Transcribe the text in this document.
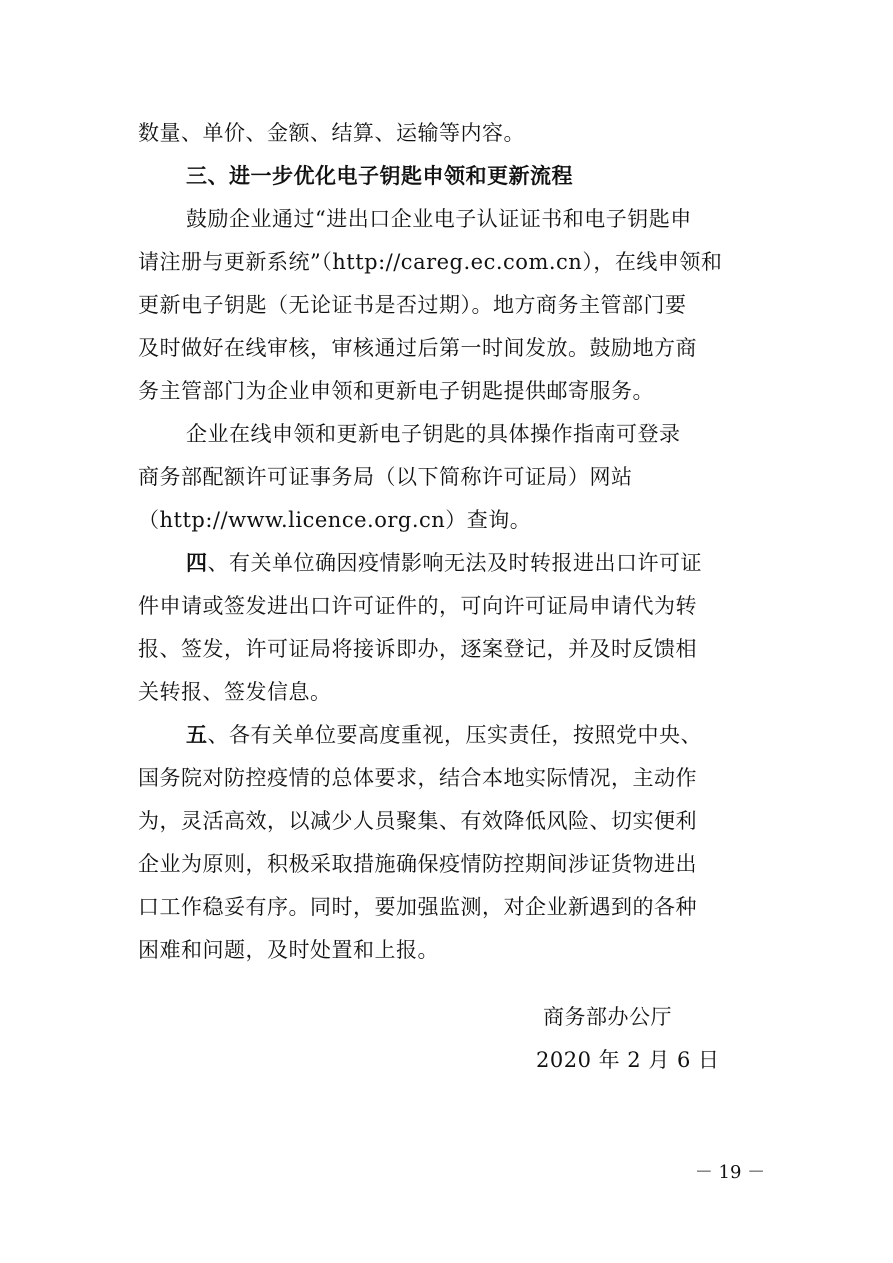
数量、单价、金额、结算、运输等内容。
三、进一步优化电子钥匙申领和更新流程
鼓励企业通过“进出口企业电子认证证书和电子钥匙申
请注册与更新系统”（http://careg.ec.com.cn），在线申领和
更新电子钥匙（无论证书是否过期）。地方商务主管部门要
及时做好在线审核，审核通过后第一时间发放。鼓励地方商
务主管部门为企业申领和更新电子钥匙提供邮寄服务。
企业在线申领和更新电子钥匙的具体操作指南可登录
商务部配额许可证事务局（以下简称许可证局）网站
（http://www.licence.org.cn）查询。
四、有关单位确因疫情影响无法及时转报进出口许可证
件申请或签发进出口许可证件的，可向许可证局申请代为转
报、签发，许可证局将接诉即办，逐案登记，并及时反馈相
关转报、签发信息。
五、各有关单位要高度重视，压实责任，按照党中央、
国务院对防控疫情的总体要求，结合本地实际情况，主动作
为，灵活高效，以减少人员聚集、有效降低风险、切实便利
企业为原则，积极采取措施确保疫情防控期间涉证货物进出
口工作稳妥有序。同时，要加强监测，对企业新遇到的各种
困难和问题，及时处置和上报。
商务部办公厅
2020 年 2 月 6 日
－ 19 －
